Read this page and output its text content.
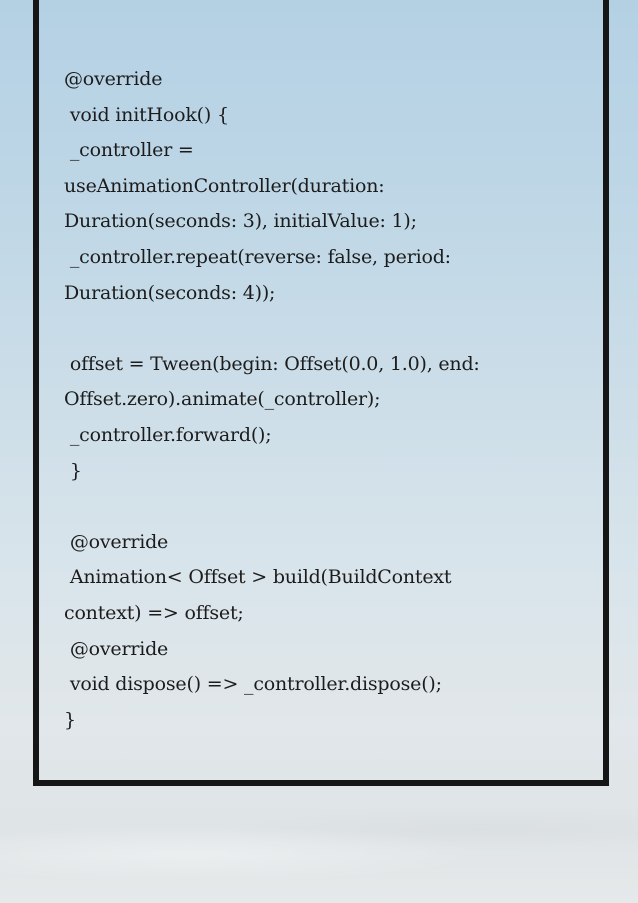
@override
void initHook() {
_controller =
useAnimationController(duration:
Duration(seconds: 3), initialValue: 1);
_controller.repeat(reverse: false, period:
Duration(seconds: 4));
offset = Tween(begin: Offset(0.0, 1.0), end:
Offset.zero).animate(_controller);
_controller.forward();
}
@override
Animation< Offset > build(BuildContext
context) => offset;
@override
void dispose() => _controller.dispose();
}
